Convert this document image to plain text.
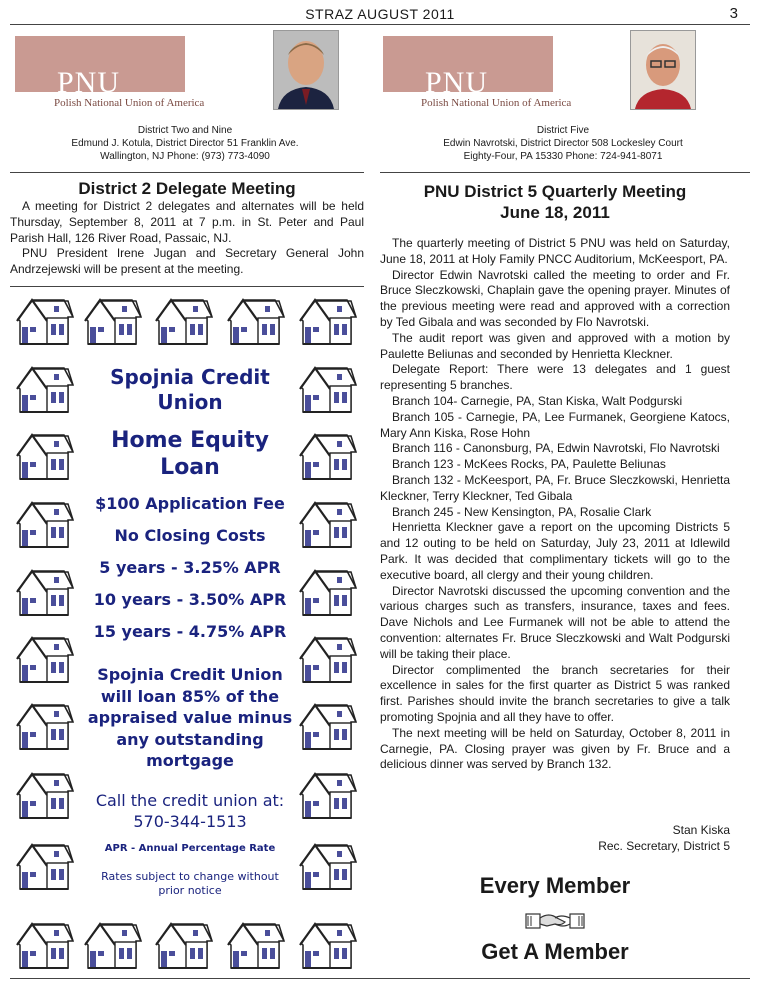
STRAZ AUGUST 2011	3
PNU
Polish National Union of America
District Two and Nine
Edmund J. Kotula, District Director 51 Franklin Ave.
Wallington, NJ Phone: (973) 773-4090
PNU
Polish National Union of America
District Five
Edwin Navrotski, District Director 508 Lockesley Court
Eighty-Four, PA 15330 Phone: 724-941-8071
District 2 Delegate Meeting

A meeting for District 2 delegates and alternates will be held Thursday, September 8, 2011 at 7 p.m. in St. Peter and Paul Parish Hall, 126 River Road, Passaic, NJ.

PNU President Irene Jugan and Secretary General John Andrzejewski will be present at the meeting.

Spojnia Credit
Union
Home Equity
Loan
$100 Application Fee
No Closing Costs
5 years - 3.25% APR
10 years - 3.50% APR
15 years - 4.75% APR
Spojnia Credit Union
will loan 85% of the
appraised value minus
any outstanding
mortgage
Call the credit union at:
570-344-1513
APR - Annual Percentage Rate
Rates subject to change without
prior notice
PNU District 5 Quarterly Meeting
June 18, 2011

The quarterly meeting of District 5 PNU was held on Saturday, June 18, 2011 at Holy Family PNCC Auditorium, McKeesport, PA.

Director Edwin Navrotski called the meeting to order and Fr. Bruce Sleczkowski, Chaplain gave the opening prayer. Minutes of the previous meeting were read and approved with a correction by Ted Gibala and was seconded by Flo Navrotski.

The audit report was given and approved with a motion by Paulette Beliunas and seconded by Henrietta Kleckner.

Delegate Report: There were 13 delegates and 1 guest representing 5 branches.

Branch 104- Carnegie, PA, Stan Kiska, Walt Podgurski

Branch 105 - Carnegie, PA, Lee Furmanek, Georgiene Katocs, Mary Ann Kiska, Rose Hohn

Branch 116 - Canonsburg, PA, Edwin Navrotski, Flo Navrotski

Branch 123 - McKees Rocks, PA, Paulette Beliunas

Branch 132 - McKeesport, PA, Fr. Bruce Sleczkowski, Henrietta Kleckner, Terry Kleckner, Ted Gibala

Branch 245 - New Kensington, PA, Rosalie Clark

Henrietta Kleckner gave a report on the upcoming Districts 5 and 12 outing to be held on Saturday, July 23, 2011 at Idlewild Park. It was decided that complimentary tickets will go to the executive board, all clergy and their young children.

Director Navrotski discussed the upcoming convention and the various charges such as transfers, insurance, taxes and fees. Dave Nichols and Lee Furmanek will not be able to attend the convention: alternates Fr. Bruce Sleczkowski and Walt Podgurski will be taking their place.

Director complimented the branch secretaries for their excellence in sales for the first quarter as District 5 was ranked first. Parishes should invite the branch secretaries to give a talk promoting Spojnia and all they have to offer.

The next meeting will be held on Saturday, October 8, 2011 in Carnegie, PA. Closing prayer was given by Fr. Bruce and a delicious dinner was served by Branch 132.

Stan Kiska
Rec. Secretary, District 5
Every Member
Get A Member
